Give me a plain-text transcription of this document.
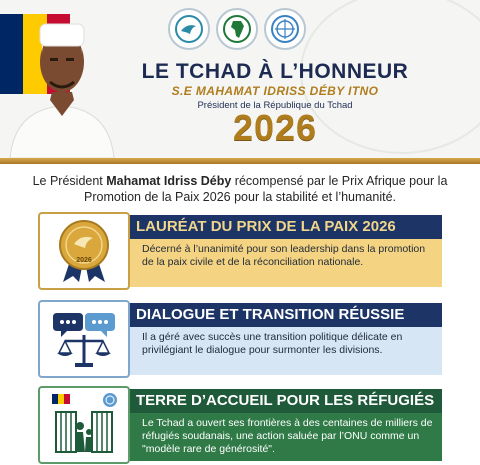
LE TCHAD À L’HONNEUR
S.E MAHAMAT IDRISS DÉBY ITNO
Président de la République du Tchad
2026
Le Président Mahamat Idriss Déby récompensé par le Prix Afrique pour la Promotion de la Paix 2026 pour la stabilité et l’humanité.
2026
LAURÉAT DU PRIX DE LA PAIX 2026
Décerné à l’unanimité pour son leadership dans la promotion de la paix civile et de la réconciliation nationale.
DIALOGUE ET TRANSITION RÉUSSIE
Il a géré avec succès une transition politique délicate en privilégiant le dialogue pour surmonter les divisions.
TERRE D’ACCUEIL POUR LES RÉFUGIÉS
Le Tchad a ouvert ses frontières à des centaines de milliers de réfugiés soudanais, une action saluée par l’ONU comme un "modèle rare de générosité".
